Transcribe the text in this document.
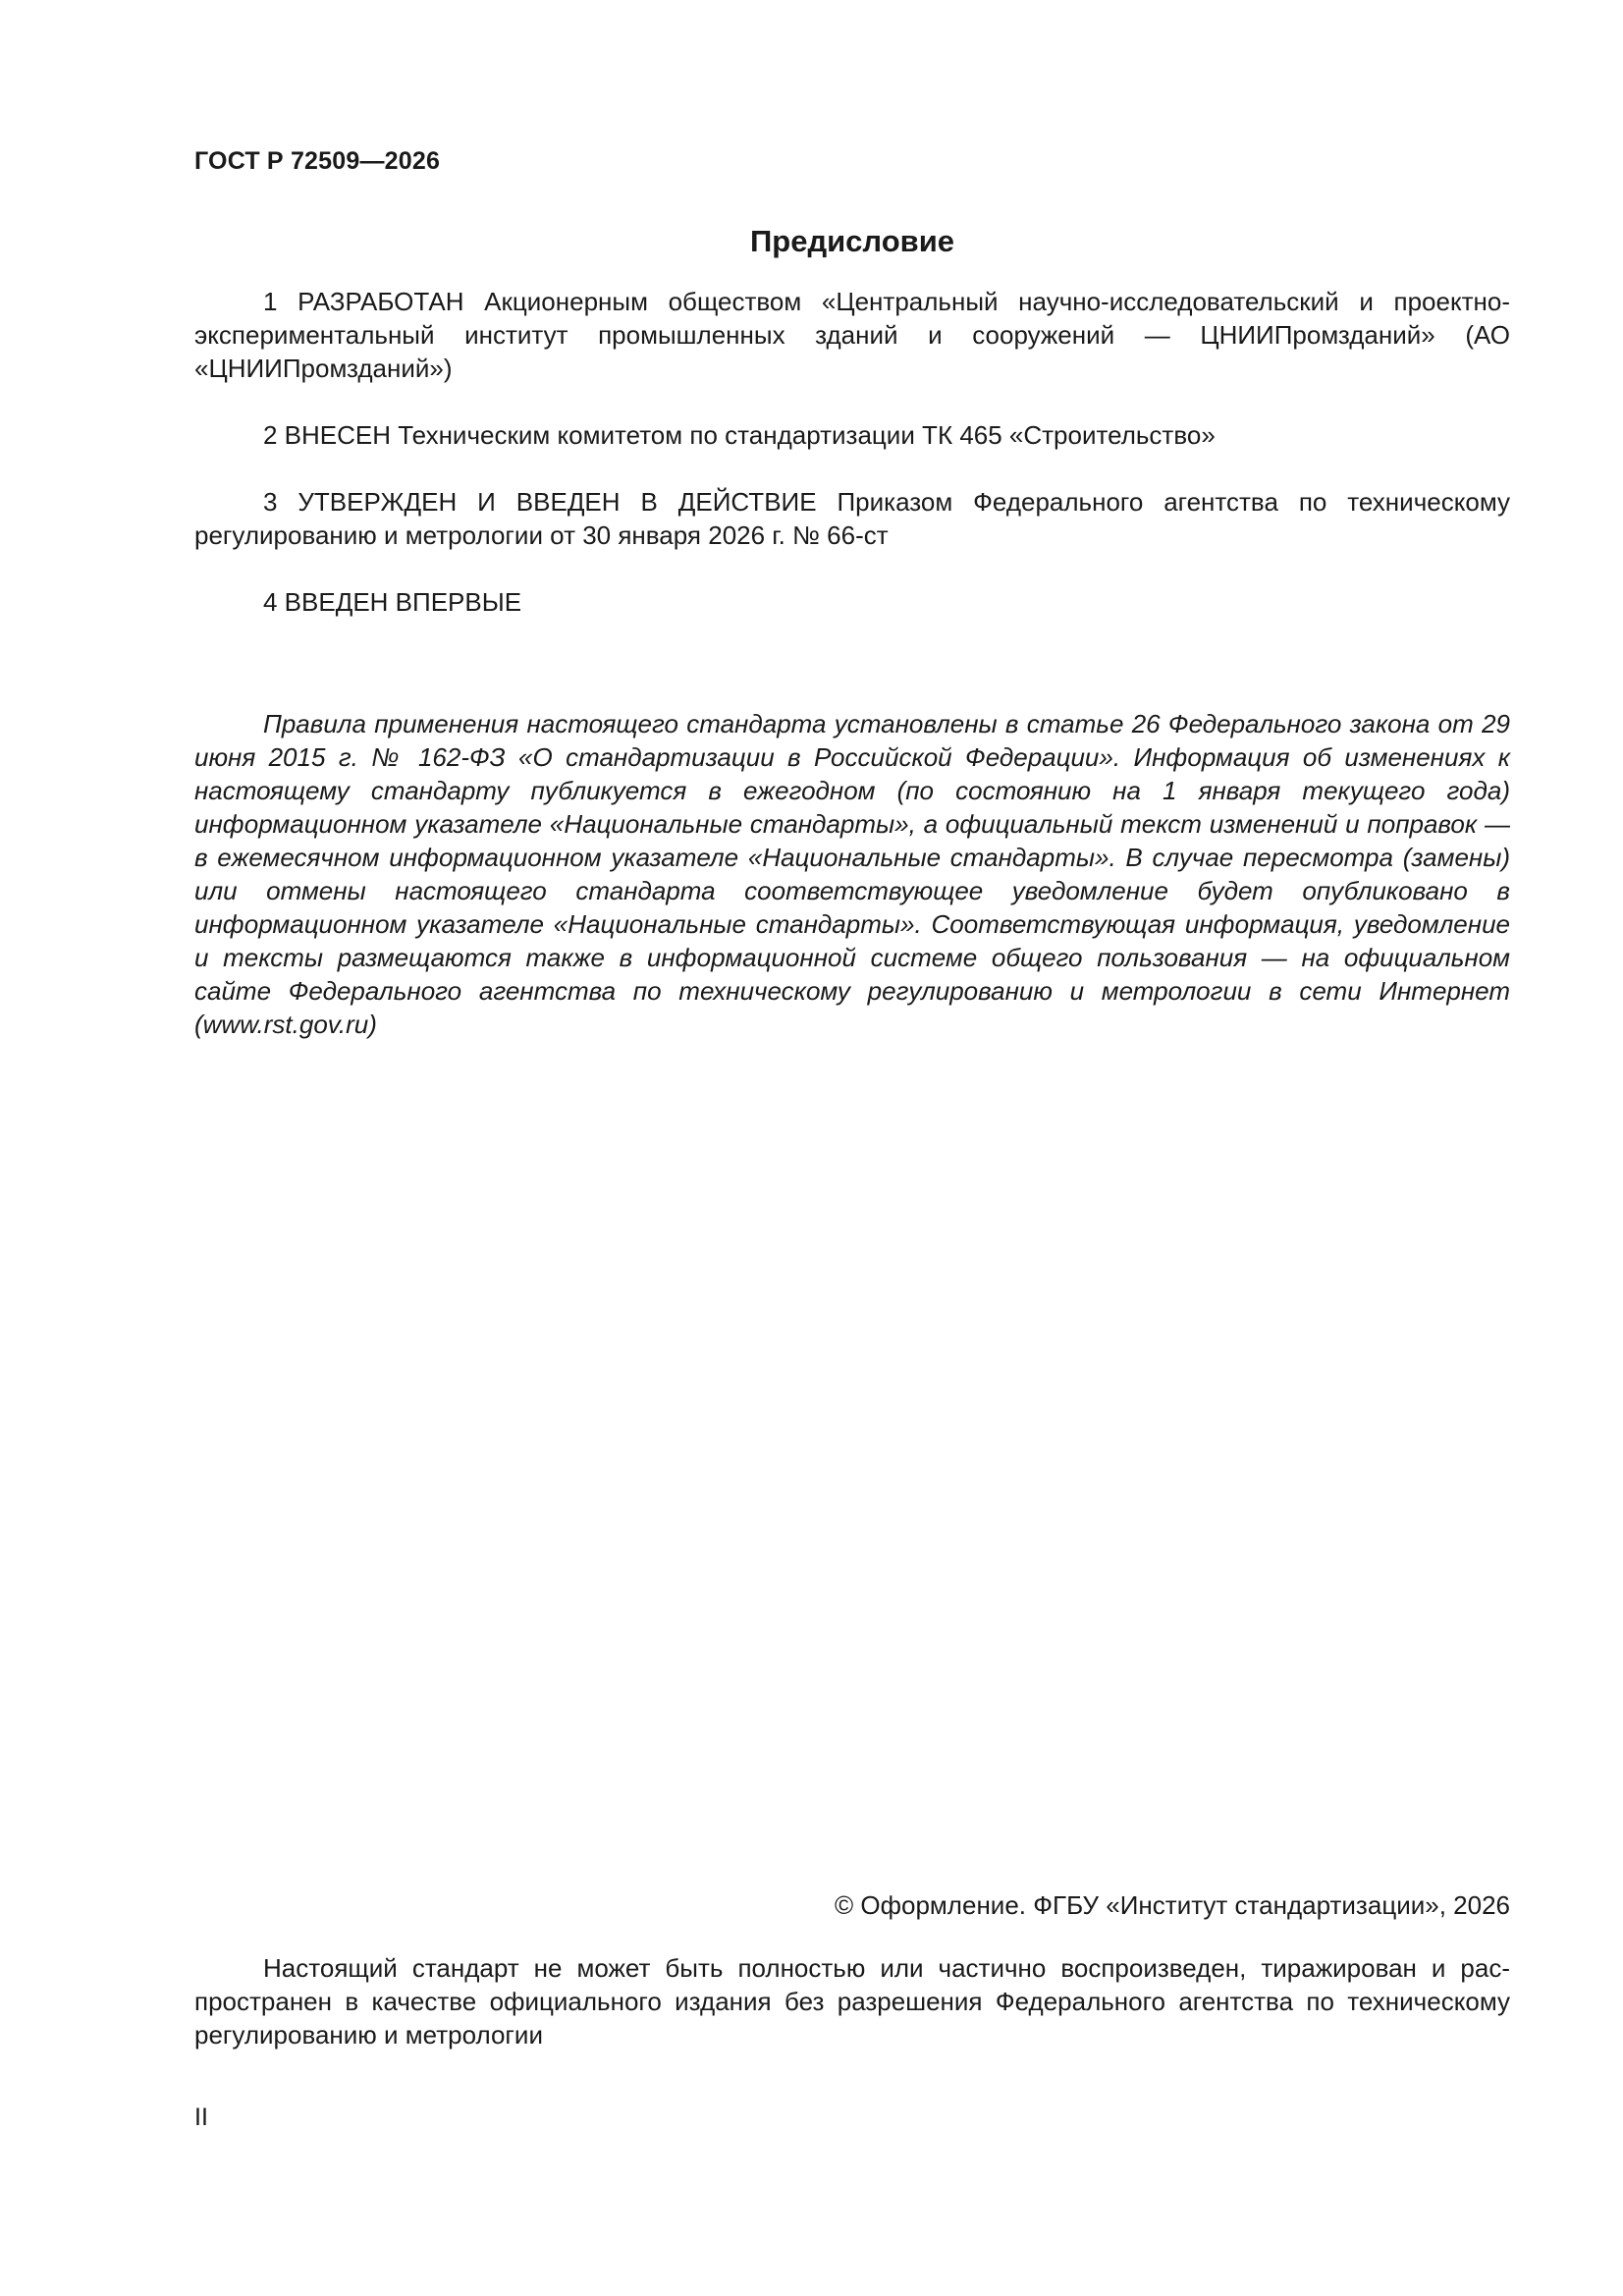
ГОСТ Р 72509—2026
Предисловие

1 РАЗРАБОТАН Акционерным обществом «Центральный научно-исследовательский и проектно-экспериментальный институт промышленных зданий и сооружений — ЦНИИПромзданий» (АО «ЦНИИПромзданий»)

2 ВНЕСЕН Техническим комитетом по стандартизации ТК 465 «Строительство»

3 УТВЕРЖДЕН И ВВЕДЕН В ДЕЙСТВИЕ Приказом Федерального агентства по техническому регулированию и метрологии от 30 января 2026 г. № 66-ст

4 ВВЕДЕН ВПЕРВЫЕ

Правила применения настоящего стандарта установлены в статье 26 Федерального закона от 29 июня 2015 г. № 162-ФЗ «О стандартизации в Российской Федерации». Информация об изменениях к настоящему стандарту публикуется в ежегодном (по состоянию на 1 января текущего года) информационном указателе «Национальные стандарты», а официальный текст изменений и поправок — в ежемесячном информационном указателе «Национальные стандарты». В случае пересмотра (замены) или отмены настоящего стандарта соответствующее уведомление будет опубликовано в информационном указателе «Национальные стандарты». Соответствующая информация, уведомление и тексты размещаются также в информационной системе общего пользования — на официальном сайте Федерального агентства по техническому регулированию и метрологии в сети Интернет (www.rst.gov.ru)

© Оформление. ФГБУ «Институт стандартизации», 2026

Настоящий стандарт не может быть полностью или частично воспроизведен, тиражирован и распространен в качестве официального издания без разрешения Федерального агентства по техническому регулированию и метрологии

II
